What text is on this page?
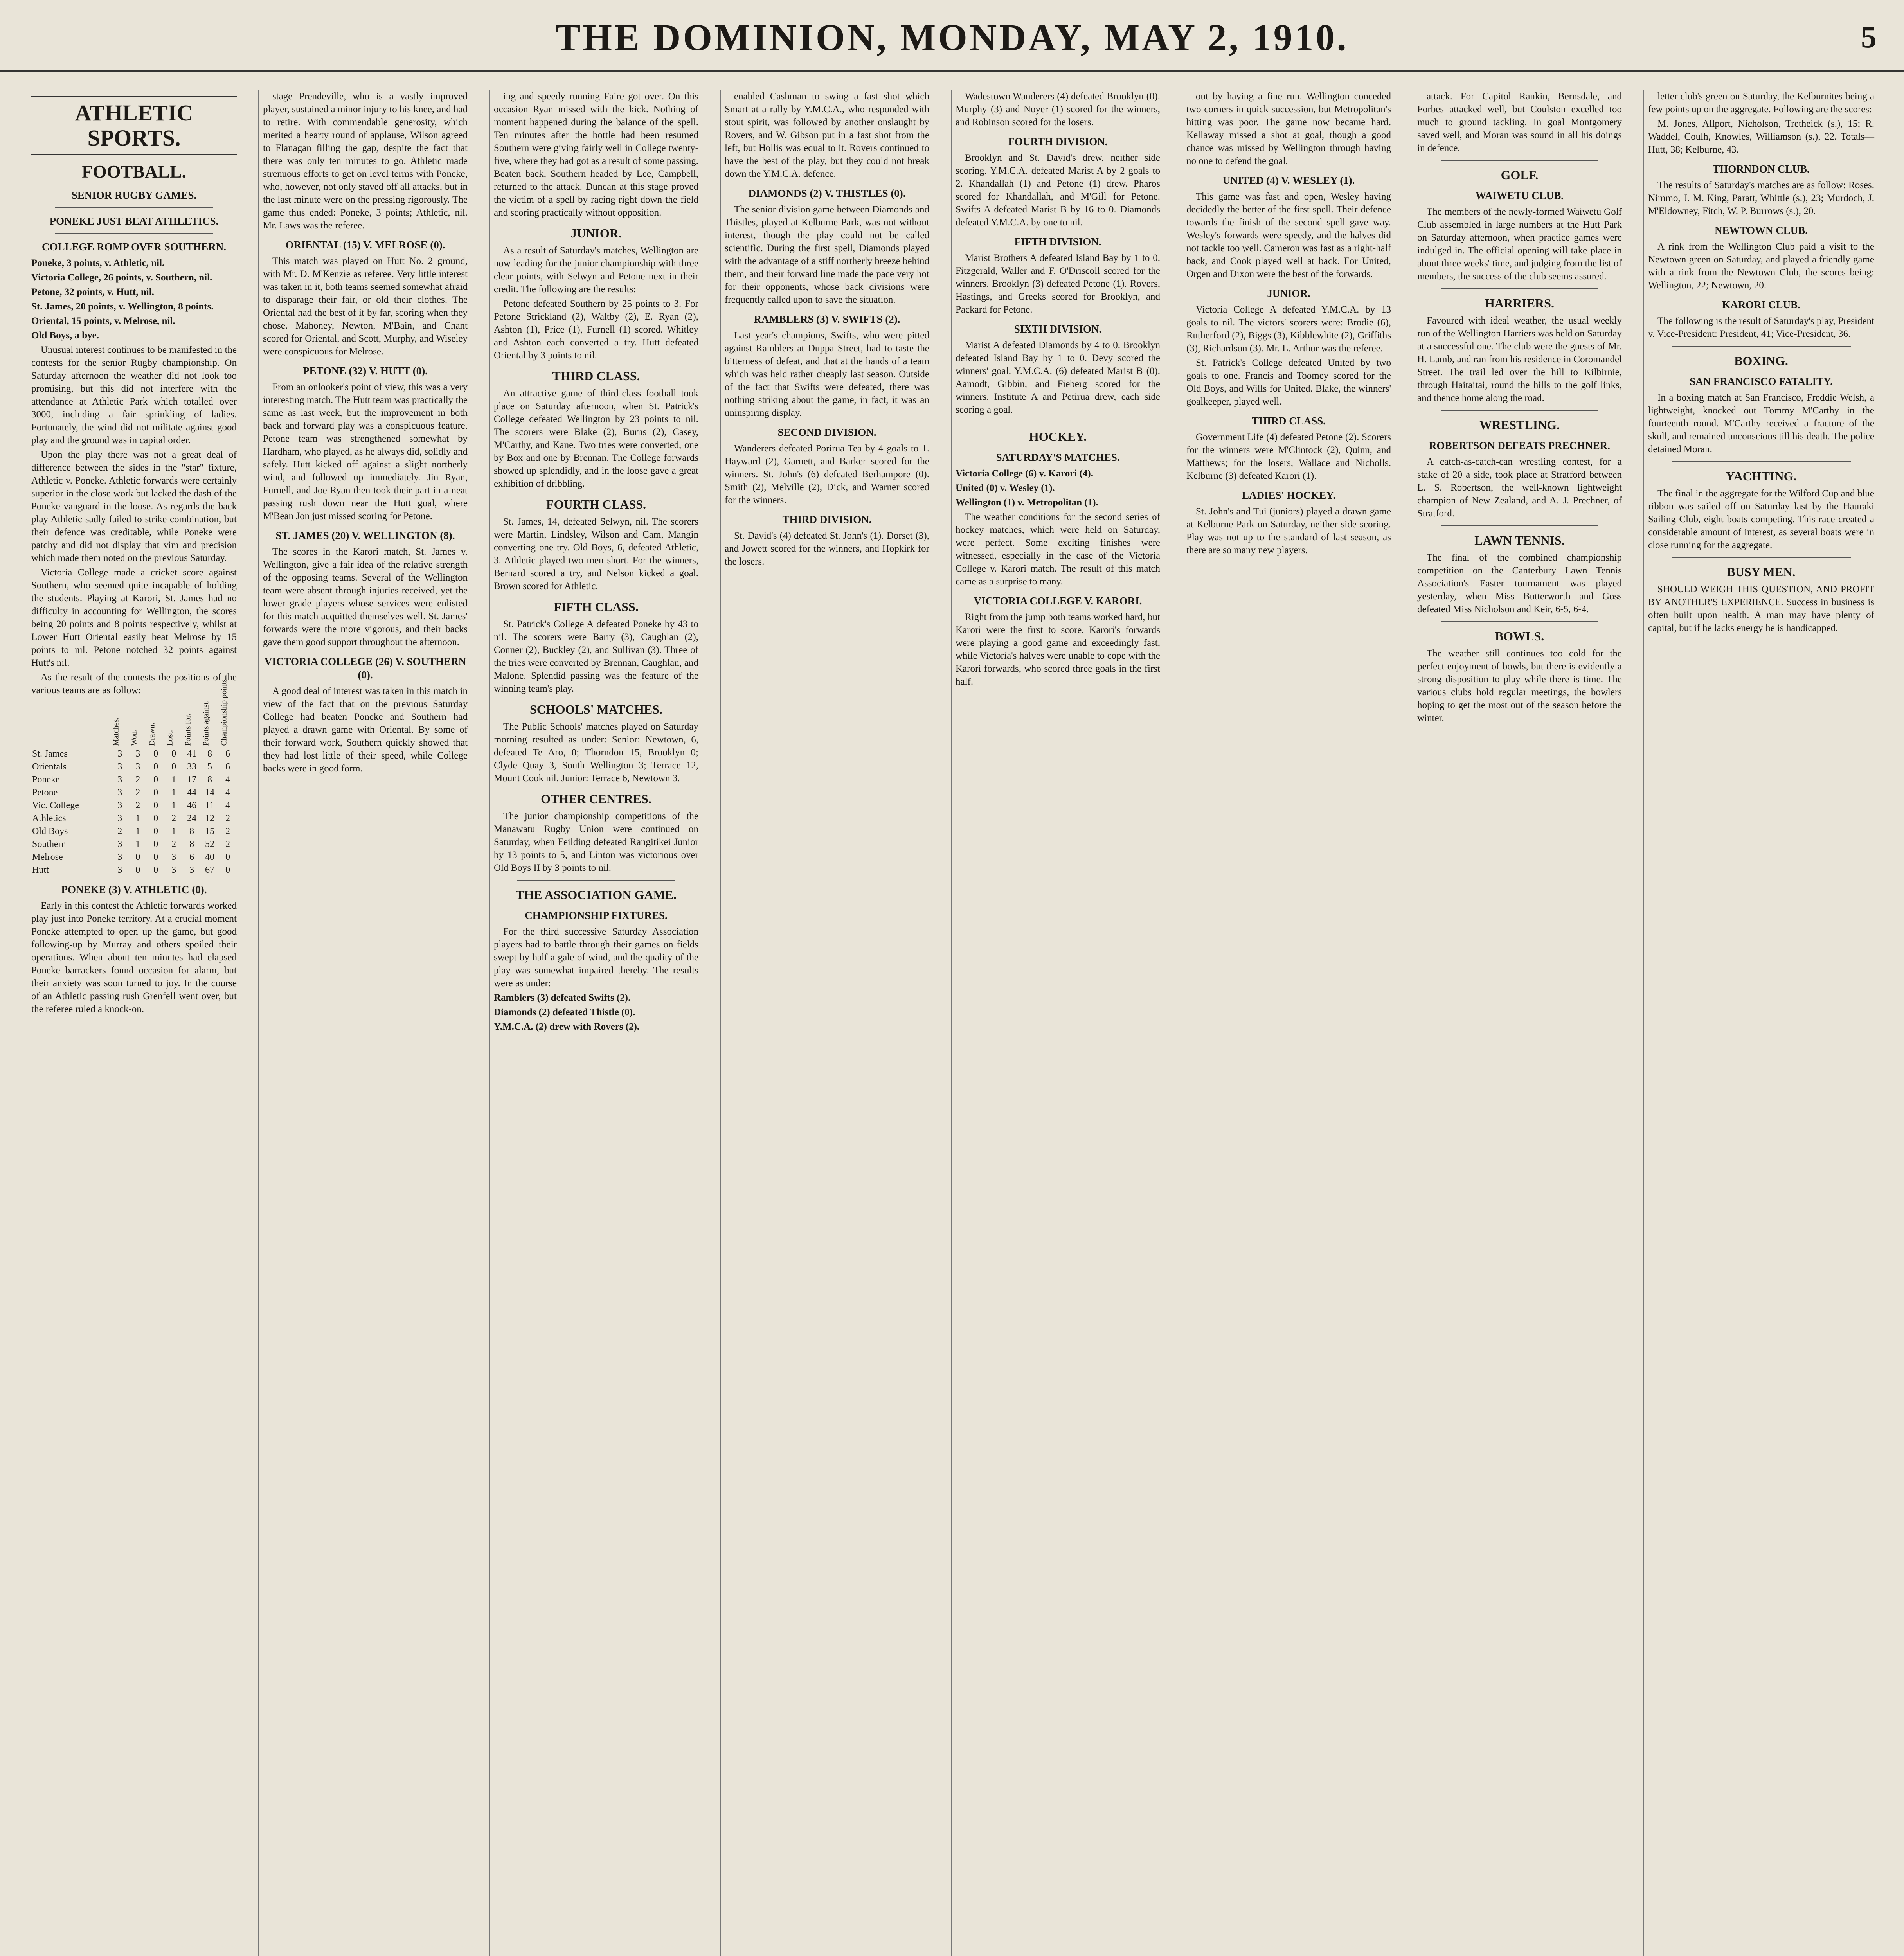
THE DOMINION, MONDAY, MAY 2, 1910.	5
ATHLETIC SPORTS.
FOOTBALL.
SENIOR RUGBY GAMES.
PONEKE JUST BEAT ATHLETICS.
COLLEGE ROMP OVER SOUTHERN.

Poneke, 3 points, v. Athletic, nil.

Victoria College, 26 points, v. Southern, nil.

Petone, 32 points, v. Hutt, nil.

St. James, 20 points, v. Wellington, 8 points.

Oriental, 15 points, v. Melrose, nil.

Old Boys, a bye.

Unusual interest continues to be manifested in the contests for the senior Rugby championship. On Saturday afternoon the weather did not look too promising, but this did not interfere with the attendance at Athletic Park which totalled over 3000, including a fair sprinkling of ladies. Fortunately, the wind did not militate against good play and the ground was in capital order.

Upon the play there was not a great deal of difference between the sides in the "star" fixture, Athletic v. Poneke. Athletic forwards were certainly superior in the close work but lacked the dash of the Poneke vanguard in the loose. As regards the back play Athletic sadly failed to strike combination, but their defence was creditable, while Poneke were patchy and did not display that vim and precision which made them noted on the previous Saturday.

Victoria College made a cricket score against Southern, who seemed quite incapable of holding the students. Playing at Karori, St. James had no difficulty in accounting for Wellington, the scores being 20 points and 8 points respectively, whilst at Lower Hutt Oriental easily beat Melrose by 15 points to nil. Petone notched 32 points against Hutt's nil.

As the result of the contests the positions of the various teams are as follow:

	Matches.	Won.	Drawn.	Lost.	Points for.	Points against.	Championship points.
St. James	3	3	0	0	41	8	6
Orientals	3	3	0	0	33	5	6
Poneke	3	2	0	1	17	8	4
Petone	3	2	0	1	44	14	4
Vic. College	3	2	0	1	46	11	4
Athletics	3	1	0	2	24	12	2
Old Boys	2	1	0	1	8	15	2
Southern	3	1	0	2	8	52	2
Melrose	3	0	0	3	6	40	0
Hutt	3	0	0	3	3	67	0
PONEKE (3) V. ATHLETIC (0).

Early in this contest the Athletic forwards worked play just into Poneke territory. At a crucial moment Poneke attempted to open up the game, but good following-up by Murray and others spoiled their operations. When about ten minutes had elapsed Poneke barrackers found occasion for alarm, but their anxiety was soon turned to joy. In the course of an Athletic passing rush Grenfell went over, but the referee ruled a knock-on.

stage Prendeville, who is a vastly improved player, sustained a minor injury to his knee, and had to retire. With commendable generosity, which merited a hearty round of applause, Wilson agreed to Flanagan filling the gap, despite the fact that there was only ten minutes to go. Athletic made strenuous efforts to get on level terms with Poneke, who, however, not only staved off all attacks, but in the last minute were on the pressing rigorously. The game thus ended: Poneke, 3 points; Athletic, nil. Mr. Laws was the referee.

ORIENTAL (15) V. MELROSE (0).

This match was played on Hutt No. 2 ground, with Mr. D. M'Kenzie as referee. Very little interest was taken in it, both teams seemed somewhat afraid to disparage their fair, or old their clothes. The Oriental had the best of it by far, scoring when they chose. Mahoney, Newton, M'Bain, and Chant scored for Oriental, and Scott, Murphy, and Wiseley were conspicuous for Melrose.

PETONE (32) V. HUTT (0).

From an onlooker's point of view, this was a very interesting match. The Hutt team was practically the same as last week, but the improvement in both back and forward play was a conspicuous feature. Petone team was strengthened somewhat by Hardham, who played, as he always did, solidly and safely. Hutt kicked off against a slight northerly wind, and followed up immediately. Jin Ryan, Furnell, and Joe Ryan then took their part in a neat passing rush down near the Hutt goal, where M'Bean Jon just missed scoring for Petone.

ST. JAMES (20) V. WELLINGTON (8).

The scores in the Karori match, St. James v. Wellington, give a fair idea of the relative strength of the opposing teams. Several of the Wellington team were absent through injuries received, yet the lower grade players whose services were enlisted for this match acquitted themselves well. St. James' forwards were the more vigorous, and their backs gave them good support throughout the afternoon.

VICTORIA COLLEGE (26) V. SOUTHERN (0).

A good deal of interest was taken in this match in view of the fact that on the previous Saturday College had beaten Poneke and Southern had played a drawn game with Oriental. By some of their forward work, Southern quickly showed that they had lost little of their speed, while College backs were in good form.

ing and speedy running Faire got over. On this occasion Ryan missed with the kick. Nothing of moment happened during the balance of the spell. Ten minutes after the bottle had been resumed Southern were giving fairly well in College twenty-five, where they had got as a result of some passing. Beaten back, Southern headed by Lee, Campbell, returned to the attack. Duncan at this stage proved the victim of a spell by racing right down the field and scoring practically without opposition.

JUNIOR.

As a result of Saturday's matches, Wellington are now leading for the junior championship with three clear points, with Selwyn and Petone next in their credit. The following are the results:

Petone defeated Southern by 25 points to 3. For Petone Strickland (2), Waltby (2), E. Ryan (2), Ashton (1), Price (1), Furnell (1) scored. Whitley and Ashton each converted a try. Hutt defeated Oriental by 3 points to nil.

THIRD CLASS.

An attractive game of third-class football took place on Saturday afternoon, when St. Patrick's College defeated Wellington by 23 points to nil. The scorers were Blake (2), Burns (2), Casey, M'Carthy, and Kane. Two tries were converted, one by Box and one by Brennan. The College forwards showed up splendidly, and in the loose gave a great exhibition of dribbling.

FOURTH CLASS.

St. James, 14, defeated Selwyn, nil. The scorers were Martin, Lindsley, Wilson and Cam, Mangin converting one try. Old Boys, 6, defeated Athletic, 3. Athletic played two men short. For the winners, Bernard scored a try, and Nelson kicked a goal. Brown scored for Athletic.

FIFTH CLASS.

St. Patrick's College A defeated Poneke by 43 to nil. The scorers were Barry (3), Caughlan (2), Conner (2), Buckley (2), and Sullivan (3). Three of the tries were converted by Brennan, Caughlan, and Malone. Splendid passing was the feature of the winning team's play.

SCHOOLS' MATCHES.

The Public Schools' matches played on Saturday morning resulted as under: Senior: Newtown, 6, defeated Te Aro, 0; Thorndon 15, Brooklyn 0; Clyde Quay 3, South Wellington 3; Terrace 12, Mount Cook nil. Junior: Terrace 6, Newtown 3.

OTHER CENTRES.

The junior championship competitions of the Manawatu Rugby Union were continued on Saturday, when Feilding defeated Rangitikei Junior by 13 points to 5, and Linton was victorious over Old Boys II by 3 points to nil.

THE ASSOCIATION GAME.
CHAMPIONSHIP FIXTURES.

For the third successive Saturday Association players had to battle through their games on fields swept by half a gale of wind, and the quality of the play was somewhat impaired thereby. The results were as under:

Ramblers (3) defeated Swifts (2).

Diamonds (2) defeated Thistle (0).

Y.M.C.A. (2) drew with Rovers (2).

enabled Cashman to swing a fast shot which Smart at a rally by Y.M.C.A., who responded with stout spirit, was followed by another onslaught by Rovers, and W. Gibson put in a fast shot from the left, but Hollis was equal to it. Rovers continued to have the best of the play, but they could not break down the Y.M.C.A. defence.

DIAMONDS (2) V. THISTLES (0).

The senior division game between Diamonds and Thistles, played at Kelburne Park, was not without interest, though the play could not be called scientific. During the first spell, Diamonds played with the advantage of a stiff northerly breeze behind them, and their forward line made the pace very hot for their opponents, whose back divisions were frequently called upon to save the situation.

RAMBLERS (3) V. SWIFTS (2).

Last year's champions, Swifts, who were pitted against Ramblers at Duppa Street, had to taste the bitterness of defeat, and that at the hands of a team which was held rather cheaply last season. Outside of the fact that Swifts were defeated, there was nothing striking about the game, in fact, it was an uninspiring display.

SECOND DIVISION.

Wanderers defeated Porirua-Tea by 4 goals to 1. Hayward (2), Garnett, and Barker scored for the winners. St. John's (6) defeated Berhampore (0). Smith (2), Melville (2), Dick, and Warner scored for the winners.

THIRD DIVISION.

St. David's (4) defeated St. John's (1). Dorset (3), and Jowett scored for the winners, and Hopkirk for the losers.

Wadestown Wanderers (4) defeated Brooklyn (0). Murphy (3) and Noyer (1) scored for the winners, and Robinson scored for the losers.

FOURTH DIVISION.

Brooklyn and St. David's drew, neither side scoring. Y.M.C.A. defeated Marist A by 2 goals to 2. Khandallah (1) and Petone (1) drew. Pharos scored for Khandallah, and M'Gill for Petone. Swifts A defeated Marist B by 16 to 0. Diamonds defeated Y.M.C.A. by one to nil.

FIFTH DIVISION.

Marist Brothers A defeated Island Bay by 1 to 0. Fitzgerald, Waller and F. O'Driscoll scored for the winners. Brooklyn (3) defeated Petone (1). Rovers, Hastings, and Greeks scored for Brooklyn, and Packard for Petone.

SIXTH DIVISION.

Marist A defeated Diamonds by 4 to 0. Brooklyn defeated Island Bay by 1 to 0. Devy scored the winners' goal. Y.M.C.A. (6) defeated Marist B (0). Aamodt, Gibbin, and Fieberg scored for the winners. Institute A and Petirua drew, each side scoring a goal.

HOCKEY.
SATURDAY'S MATCHES.

Victoria College (6) v. Karori (4).

United (0) v. Wesley (1).

Wellington (1) v. Metropolitan (1).

The weather conditions for the second series of hockey matches, which were held on Saturday, were perfect. Some exciting finishes were witnessed, especially in the case of the Victoria College v. Karori match. The result of this match came as a surprise to many.

VICTORIA COLLEGE V. KARORI.

Right from the jump both teams worked hard, but Karori were the first to score. Karori's forwards were playing a good game and exceedingly fast, while Victoria's halves were unable to cope with the Karori forwards, who scored three goals in the first half.

out by having a fine run. Wellington conceded two corners in quick succession, but Metropolitan's hitting was poor. The game now became hard. Kellaway missed a shot at goal, though a good chance was missed by Wellington through having no one to defend the goal.

UNITED (4) V. WESLEY (1).

This game was fast and open, Wesley having decidedly the better of the first spell. Their defence towards the finish of the second spell gave way. Wesley's forwards were speedy, and the halves did not tackle too well. Cameron was fast as a right-half back, and Cook played well at back. For United, Orgen and Dixon were the best of the forwards.

JUNIOR.

Victoria College A defeated Y.M.C.A. by 13 goals to nil. The victors' scorers were: Brodie (6), Rutherford (2), Biggs (3), Kibblewhite (2), Griffiths (3), Richardson (3). Mr. L. Arthur was the referee.

St. Patrick's College defeated United by two goals to one. Francis and Toomey scored for the Old Boys, and Wills for United. Blake, the winners' goalkeeper, played well.

THIRD CLASS.

Government Life (4) defeated Petone (2). Scorers for the winners were M'Clintock (2), Quinn, and Matthews; for the losers, Wallace and Nicholls. Kelburne (3) defeated Karori (1).

LADIES' HOCKEY.

St. John's and Tui (juniors) played a drawn game at Kelburne Park on Saturday, neither side scoring. Play was not up to the standard of last season, as there are so many new players.

attack. For Capitol Rankin, Bernsdale, and Forbes attacked well, but Coulston excelled too much to ground tackling. In goal Montgomery saved well, and Moran was sound in all his doings in defence.

GOLF.
WAIWETU CLUB.

The members of the newly-formed Waiwetu Golf Club assembled in large numbers at the Hutt Park on Saturday afternoon, when practice games were indulged in. The official opening will take place in about three weeks' time, and judging from the list of members, the success of the club seems assured.

HARRIERS.

Favoured with ideal weather, the usual weekly run of the Wellington Harriers was held on Saturday at a successful one. The club were the guests of Mr. H. Lamb, and ran from his residence in Coromandel Street. The trail led over the hill to Kilbirnie, through Haitaitai, round the hills to the golf links, and thence home along the road.

WRESTLING.
ROBERTSON DEFEATS PRECHNER.

A catch-as-catch-can wrestling contest, for a stake of 20 a side, took place at Stratford between L. S. Robertson, the well-known lightweight champion of New Zealand, and A. J. Prechner, of Stratford.

LAWN TENNIS.

The final of the combined championship competition on the Canterbury Lawn Tennis Association's Easter tournament was played yesterday, when Miss Butterworth and Goss defeated Miss Nicholson and Keir, 6-5, 6-4.

BOWLS.

The weather still continues too cold for the perfect enjoyment of bowls, but there is evidently a strong disposition to play while there is time. The various clubs hold regular meetings, the bowlers hoping to get the most out of the season before the winter.

letter club's green on Saturday, the Kelburnites being a few points up on the aggregate. Following are the scores:

M. Jones, Allport, Nicholson, Tretheick (s.), 15; R. Waddel, Coulh, Knowles, Williamson (s.), 22. Totals—Hutt, 38; Kelburne, 43.

THORNDON CLUB.

The results of Saturday's matches are as follow: Roses. Nimmo, J. M. King, Paratt, Whittle (s.), 23; Murdoch, J. M'Eldowney, Fitch, W. P. Burrows (s.), 20.

NEWTOWN CLUB.

A rink from the Wellington Club paid a visit to the Newtown green on Saturday, and played a friendly game with a rink from the Newtown Club, the scores being: Wellington, 22; Newtown, 20.

KARORI CLUB.

The following is the result of Saturday's play, President v. Vice-President: President, 41; Vice-President, 36.

BOXING.
SAN FRANCISCO FATALITY.

In a boxing match at San Francisco, Freddie Welsh, a lightweight, knocked out Tommy M'Carthy in the fourteenth round. M'Carthy received a fracture of the skull, and remained unconscious till his death. The police detained Moran.

YACHTING.

The final in the aggregate for the Wilford Cup and blue ribbon was sailed off on Saturday last by the Hauraki Sailing Club, eight boats competing. This race created a considerable amount of interest, as several boats were in close running for the aggregate.

BUSY MEN.

SHOULD WEIGH THIS QUESTION, AND PROFIT BY ANOTHER'S EXPERIENCE. Success in business is often built upon health. A man may have plenty of capital, but if he lacks energy he is handicapped.
